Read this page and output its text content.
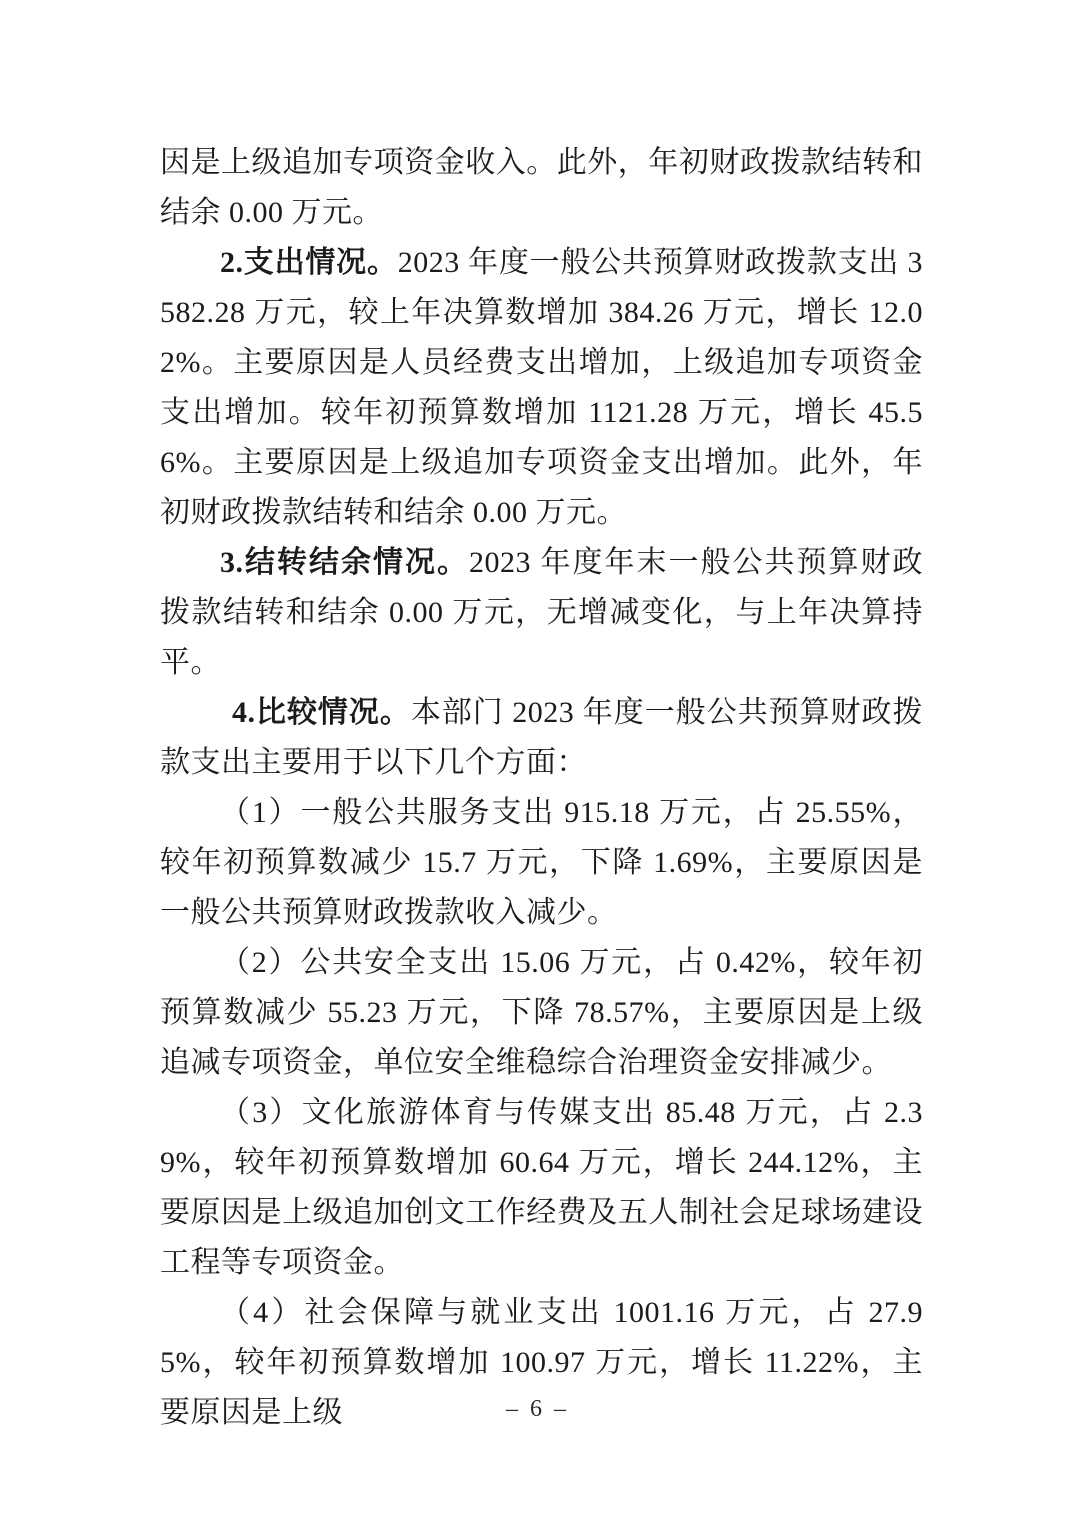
因是上级追加专项资金收入。此外，年初财政拨款结转和结余 0.00 万元。

2.支出情况。2023 年度一般公共预算财政拨款支出 3582.28 万元，较上年决算数增加 384.26 万元，增长 12.02%。主要原因是人员经费支出增加，上级追加专项资金支出增加。较年初预算数增加 1121.28 万元，增长 45.56%。主要原因是上级追加专项资金支出增加。此外，年初财政拨款结转和结余 0.00 万元。

3.结转结余情况。2023 年度年末一般公共预算财政拨款结转和结余 0.00 万元，无增减变化，与上年决算持平。

4.比较情况。本部门 2023 年度一般公共预算财政拨款支出主要用于以下几个方面：

（1）一般公共服务支出 915.18 万元，占 25.55%，较年初预算数减少 15.7 万元，下降 1.69%，主要原因是一般公共预算财政拨款收入减少。

（2）公共安全支出 15.06 万元，占 0.42%，较年初预算数减少 55.23 万元，下降 78.57%，主要原因是上级追减专项资金，单位安全维稳综合治理资金安排减少。

（3）文化旅游体育与传媒支出 85.48 万元，占 2.39%，较年初预算数增加 60.64 万元，增长 244.12%，主要原因是上级追加创文工作经费及五人制社会足球场建设工程等专项资金。

（4）社会保障与就业支出 1001.16 万元，占 27.95%，较年初预算数增加 100.97 万元，增长 11.22%，主要原因是上级	– 6 –
